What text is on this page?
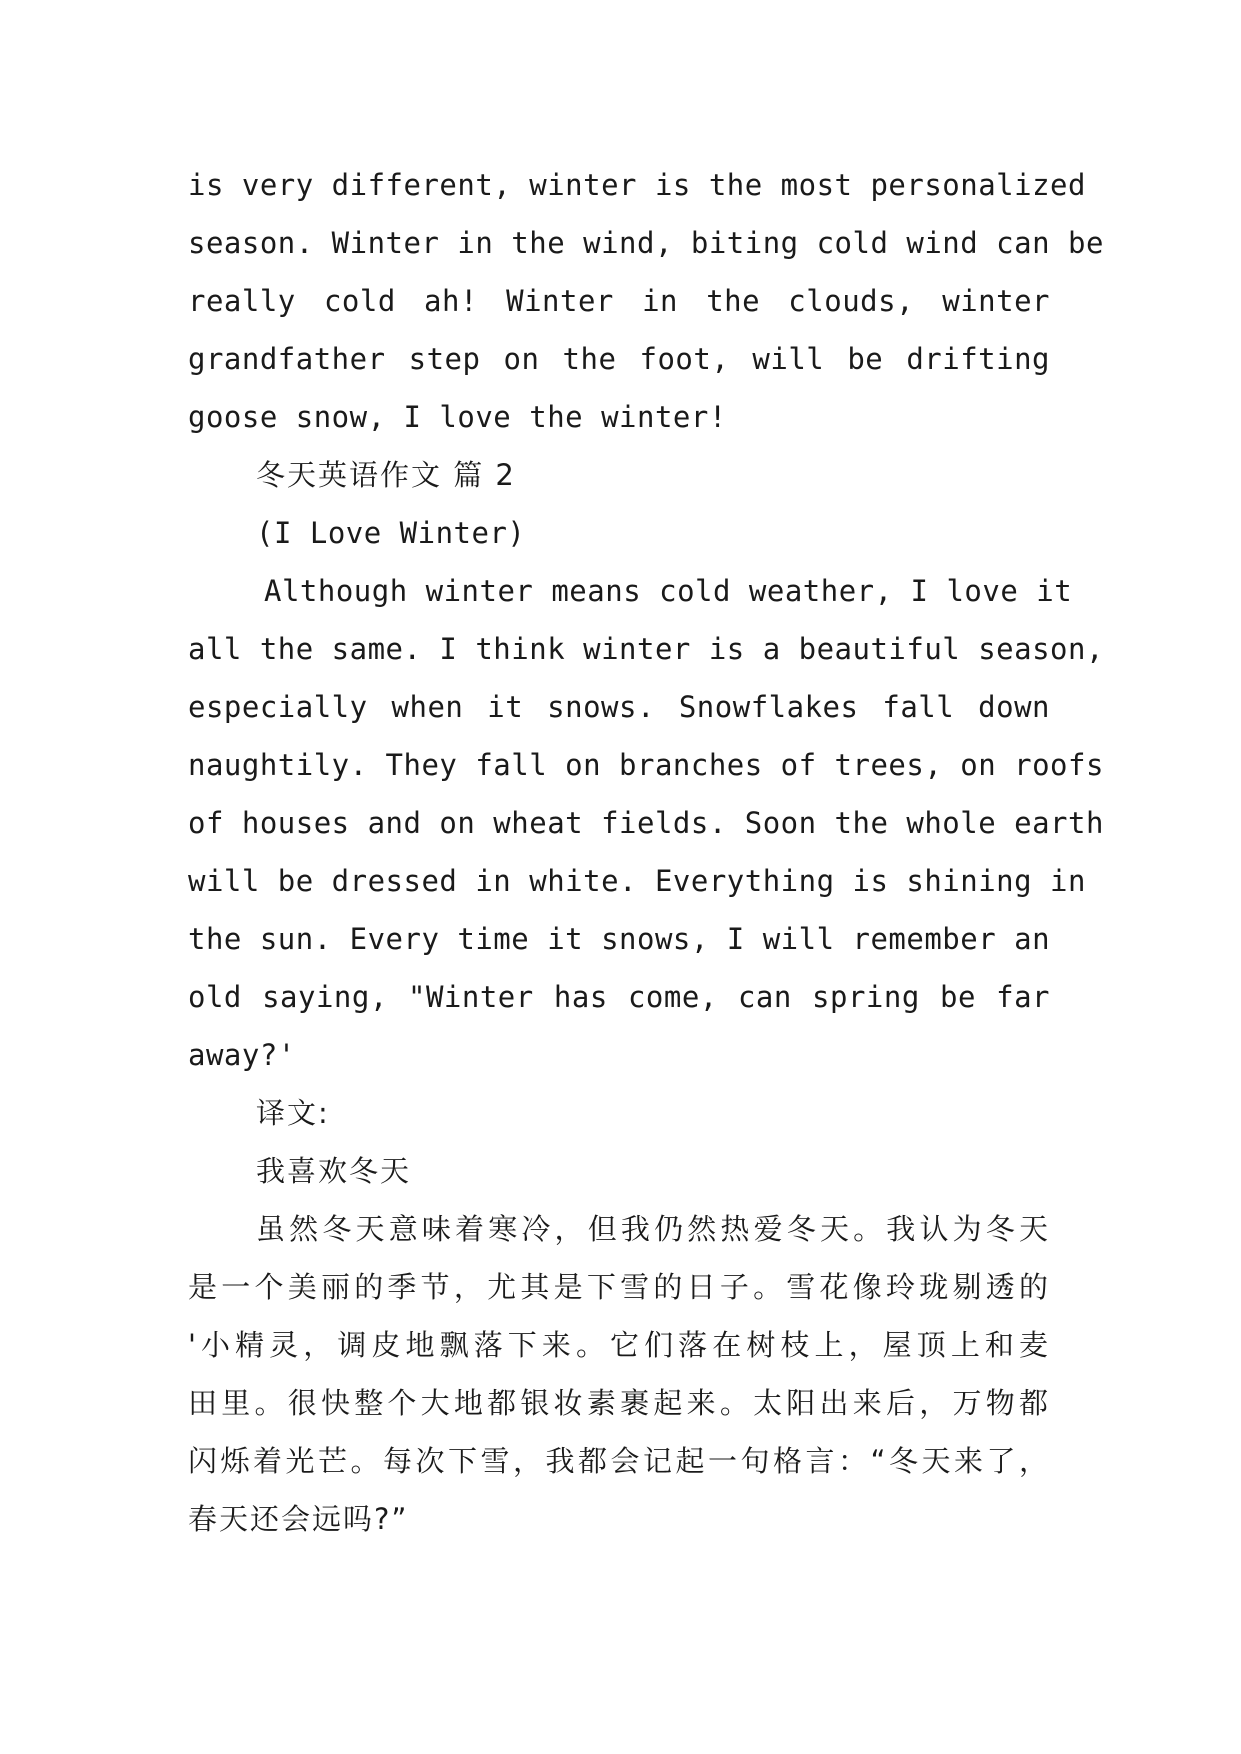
is very different, winter is the most personalized
season. Winter in the wind, biting cold wind can be
really cold ah! Winter in the clouds, winter
grandfather step on the foot, will be drifting
goose snow, I love the winter!
冬天英语作文 篇 2
(I Love Winter)
Although winter means cold weather, I love it
all the same. I think winter is a beautiful season,
especially when it snows. Snowflakes fall down
naughtily. They fall on branches of trees, on roofs
of houses and on wheat fields. Soon the whole earth
will be dressed in white. Everything is shining in
the sun. Every time it snows, I will remember an
old saying, "Winter has come, can spring be far
away?'
译文:
我喜欢冬天
虽然冬天意味着寒冷，但我仍然热爱冬天。我认为冬天
是一个美丽的季节，尤其是下雪的日子。雪花像玲珑剔透的
'小精灵，调皮地飘落下来。它们落在树枝上，屋顶上和麦
田里。很快整个大地都银妆素裹起来。太阳出来后，万物都
闪烁着光芒。每次下雪，我都会记起一句格言：“冬天来了，
春天还会远吗?”
